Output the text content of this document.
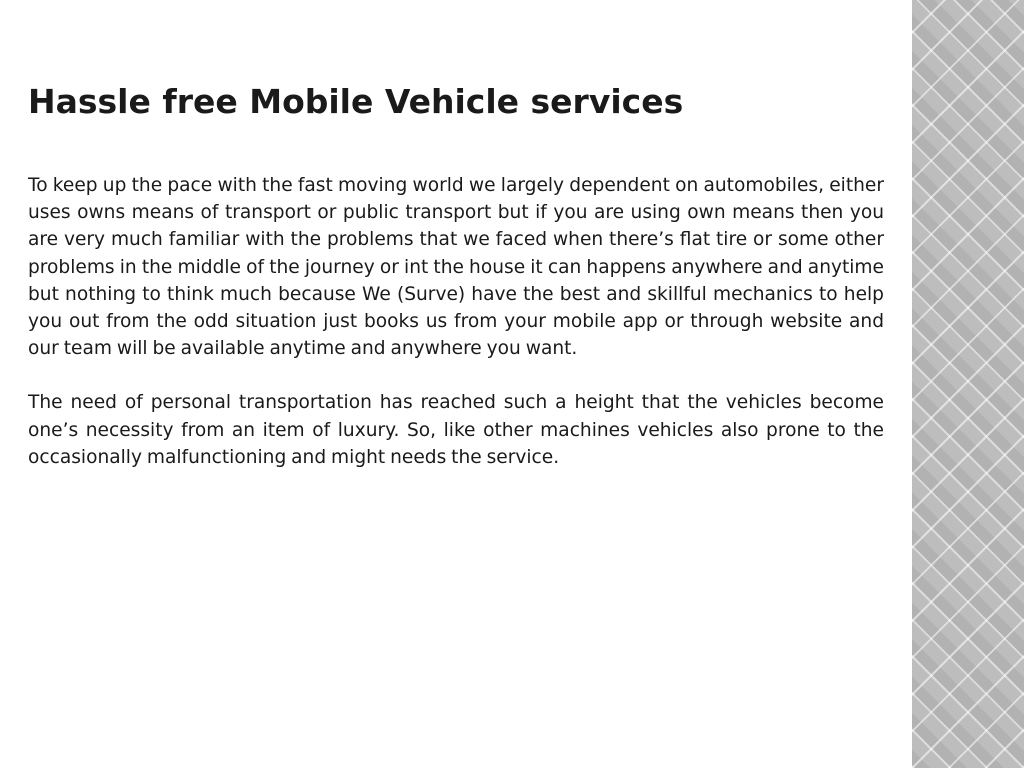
Hassle free Mobile Vehicle services

To keep up the pace with the fast moving world we largely dependent on automobiles, either uses owns means of transport or public transport but if you are using own means then you are very much familiar with the problems that we faced when there’s flat tire or some other problems in the middle of the journey or int the house it can happens anywhere and anytime but nothing to think much because We (Surve) have the best and skillful mechanics to help you out from the odd situation just books us from your mobile app or through website and our team will be available anytime and anywhere you want.

The need of personal transportation has reached such a height that the vehicles become one’s necessity from an item of luxury. So, like other machines vehicles also prone to the occasionally malfunctioning and might needs the service.
